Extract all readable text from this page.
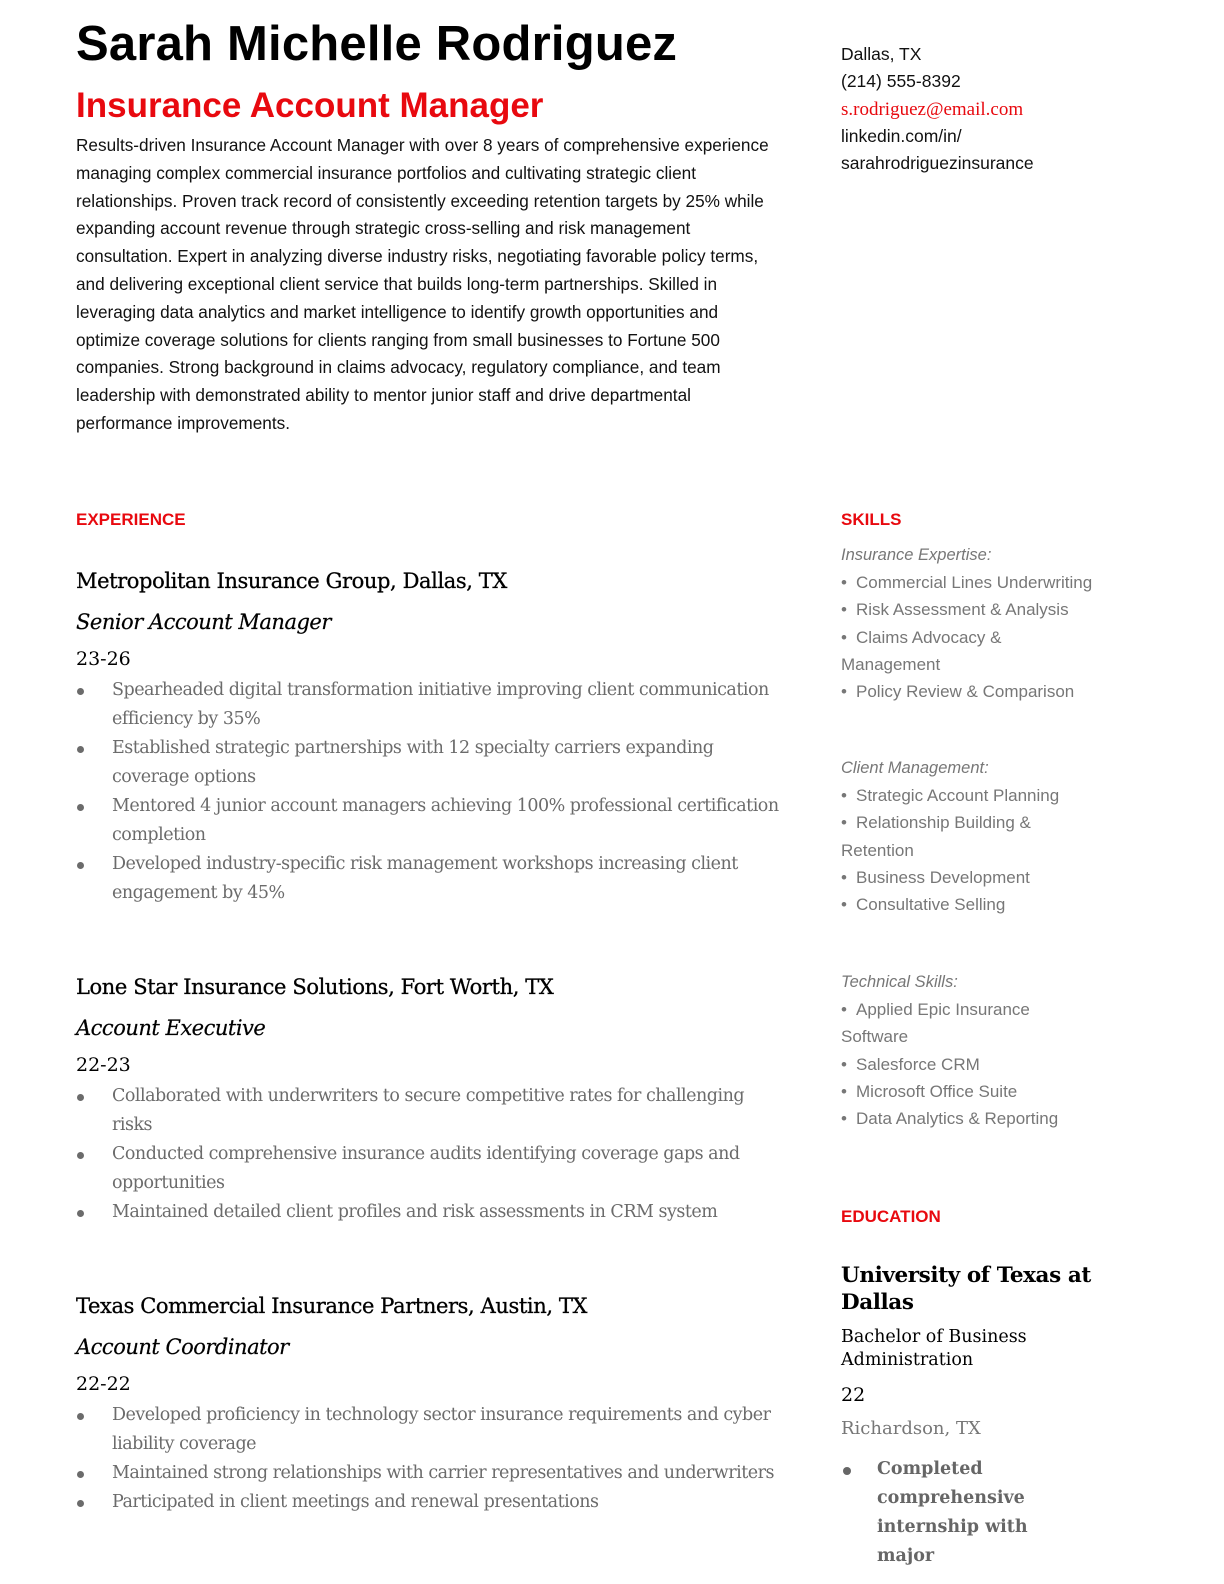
Sarah Michelle Rodriguez
Insurance Account Manager
Results-driven Insurance Account Manager with over 8 years of comprehensive experience managing complex commercial insurance portfolios and cultivating strategic client relationships. Proven track record of consistently exceeding retention targets by 25% while expanding account revenue through strategic cross-selling and risk management consultation. Expert in analyzing diverse industry risks, negotiating favorable policy terms, and delivering exceptional client service that builds long-term partnerships. Skilled in leveraging data analytics and market intelligence to identify growth opportunities and optimize coverage solutions for clients ranging from small businesses to Fortune 500 companies. Strong background in claims advocacy, regulatory compliance, and team leadership with demonstrated ability to mentor junior staff and drive departmental performance improvements.
EXPERIENCE
Metropolitan Insurance Group, Dallas, TX
Senior Account Manager
23-26
Spearheaded digital transformation initiative improving client communication efficiency by 35%
Established strategic partnerships with 12 specialty carriers expanding coverage options
Mentored 4 junior account managers achieving 100% professional certification completion
Developed industry-specific risk management workshops increasing client engagement by 45%
Lone Star Insurance Solutions, Fort Worth, TX
Account Executive
22-23
Collaborated with underwriters to secure competitive rates for challenging risks
Conducted comprehensive insurance audits identifying coverage gaps and opportunities
Maintained detailed client profiles and risk assessments in CRM system
Texas Commercial Insurance Partners, Austin, TX
Account Coordinator
22-22
Developed proficiency in technology sector insurance requirements and cyber liability coverage
Maintained strong relationships with carrier representatives and underwriters
Participated in client meetings and renewal presentations
Dallas, TX
(214) 555-8392
s.rodriguez@email.com
linkedin.com/in/
sarahrodriguezinsurance
SKILLS
Insurance Expertise:
• Commercial Lines Underwriting
• Risk Assessment & Analysis
• Claims Advocacy & Management
• Policy Review & Comparison
Client Management:
• Strategic Account Planning
• Relationship Building & Retention
• Business Development
• Consultative Selling
Technical Skills:
• Applied Epic Insurance Software
• Salesforce CRM
• Microsoft Office Suite
• Data Analytics & Reporting
EDUCATION
University of Texas at Dallas
Bachelor of Business Administration
22
Richardson, TX
Completed comprehensive internship with major
